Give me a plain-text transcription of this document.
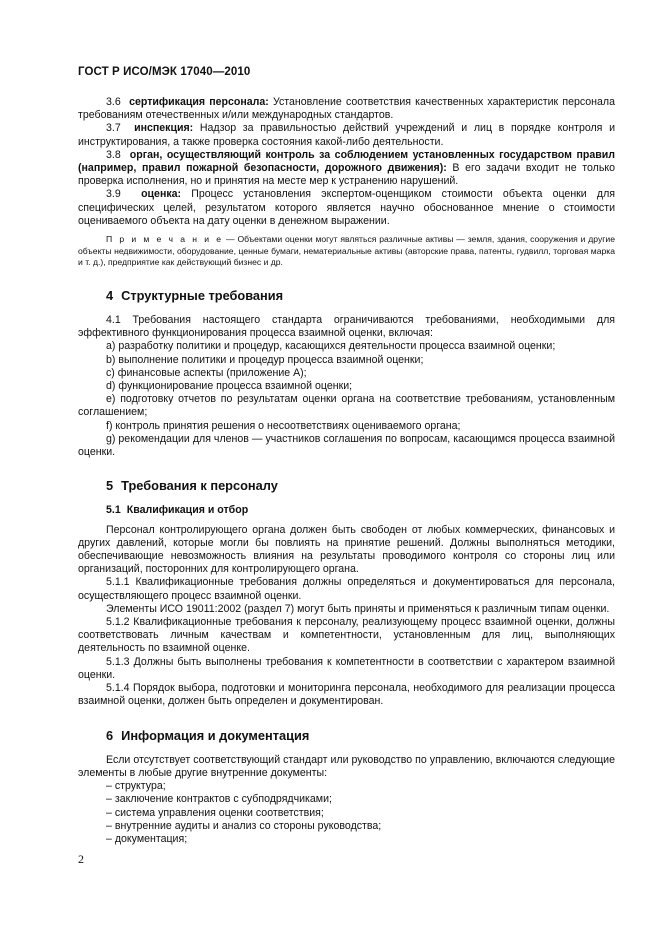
ГОСТ Р ИСО/МЭК 17040—2010

3.6 сертификация персонала: Установление соответствия качественных характеристик персонала требованиям отечественных и/или международных стандартов.

3.7 инспекция: Надзор за правильностью действий учреждений и лиц в порядке контроля и инструктирования, а также проверка состояния какой-либо деятельности.

3.8 орган, осуществляющий контроль за соблюдением установленных государством правил (например, правил пожарной безопасности, дорожного движения): В его задачи входит не только проверка исполнения, но и принятия на месте мер к устранению нарушений.

3.9 оценка: Процесс установления экспертом-оценщиком стоимости объекта оценки для специфических целей, результатом которого является научно обоснованное мнение о стоимости оцениваемого объекта на дату оценки в денежном выражении.

П р и м е ч а н и е — Объектами оценки могут являться различные активы — земля, здания, сооружения и другие объекты недвижимости, оборудование, ценные бумаги, нематериальные активы (авторские права, патенты, гудвилл, торговая марка и т. д.), предприятие как действующий бизнес и др.

4 Структурные требования

4.1 Требования настоящего стандарта ограничиваются требованиями, необходимыми для эффективного функционирования процесса взаимной оценки, включая:

a) разработку политики и процедур, касающихся деятельности процесса взаимной оценки;

b) выполнение политики и процедур процесса взаимной оценки;

c) финансовые аспекты (приложение А);

d) функционирование процесса взаимной оценки;

e) подготовку отчетов по результатам оценки органа на соответствие требованиям, установленным соглашением;

f) контроль принятия решения о несоответствиях оцениваемого органа;

g) рекомендации для членов — участников соглашения по вопросам, касающимся процесса взаимной оценки.

5 Требования к персоналу

5.1 Квалификация и отбор

Персонал контролирующего органа должен быть свободен от любых коммерческих, финансовых и других давлений, которые могли бы повлиять на принятие решений. Должны выполняться методики, обеспечивающие невозможность влияния на результаты проводимого контроля со стороны лиц или организаций, посторонних для контролирующего органа.

5.1.1 Квалификационные требования должны определяться и документироваться для персонала, осуществляющего процесс взаимной оценки.

Элементы ИСО 19011:2002 (раздел 7) могут быть приняты и применяться к различным типам оценки.

5.1.2 Квалификационные требования к персоналу, реализующему процесс взаимной оценки, должны соответствовать личным качествам и компетентности, установленным для лиц, выполняющих деятельность по взаимной оценке.

5.1.3 Должны быть выполнены требования к компетентности в соответствии с характером взаимной оценки.

5.1.4 Порядок выбора, подготовки и мониторинга персонала, необходимого для реализации процесса взаимной оценки, должен быть определен и документирован.

6 Информация и документация

Если отсутствует соответствующий стандарт или руководство по управлению, включаются следующие элементы в любые другие внутренние документы:

– структура;

– заключение контрактов с субподрядчиками;

– система управления оценки соответствия;

– внутренние аудиты и анализ со стороны руководства;

– документация;

2
